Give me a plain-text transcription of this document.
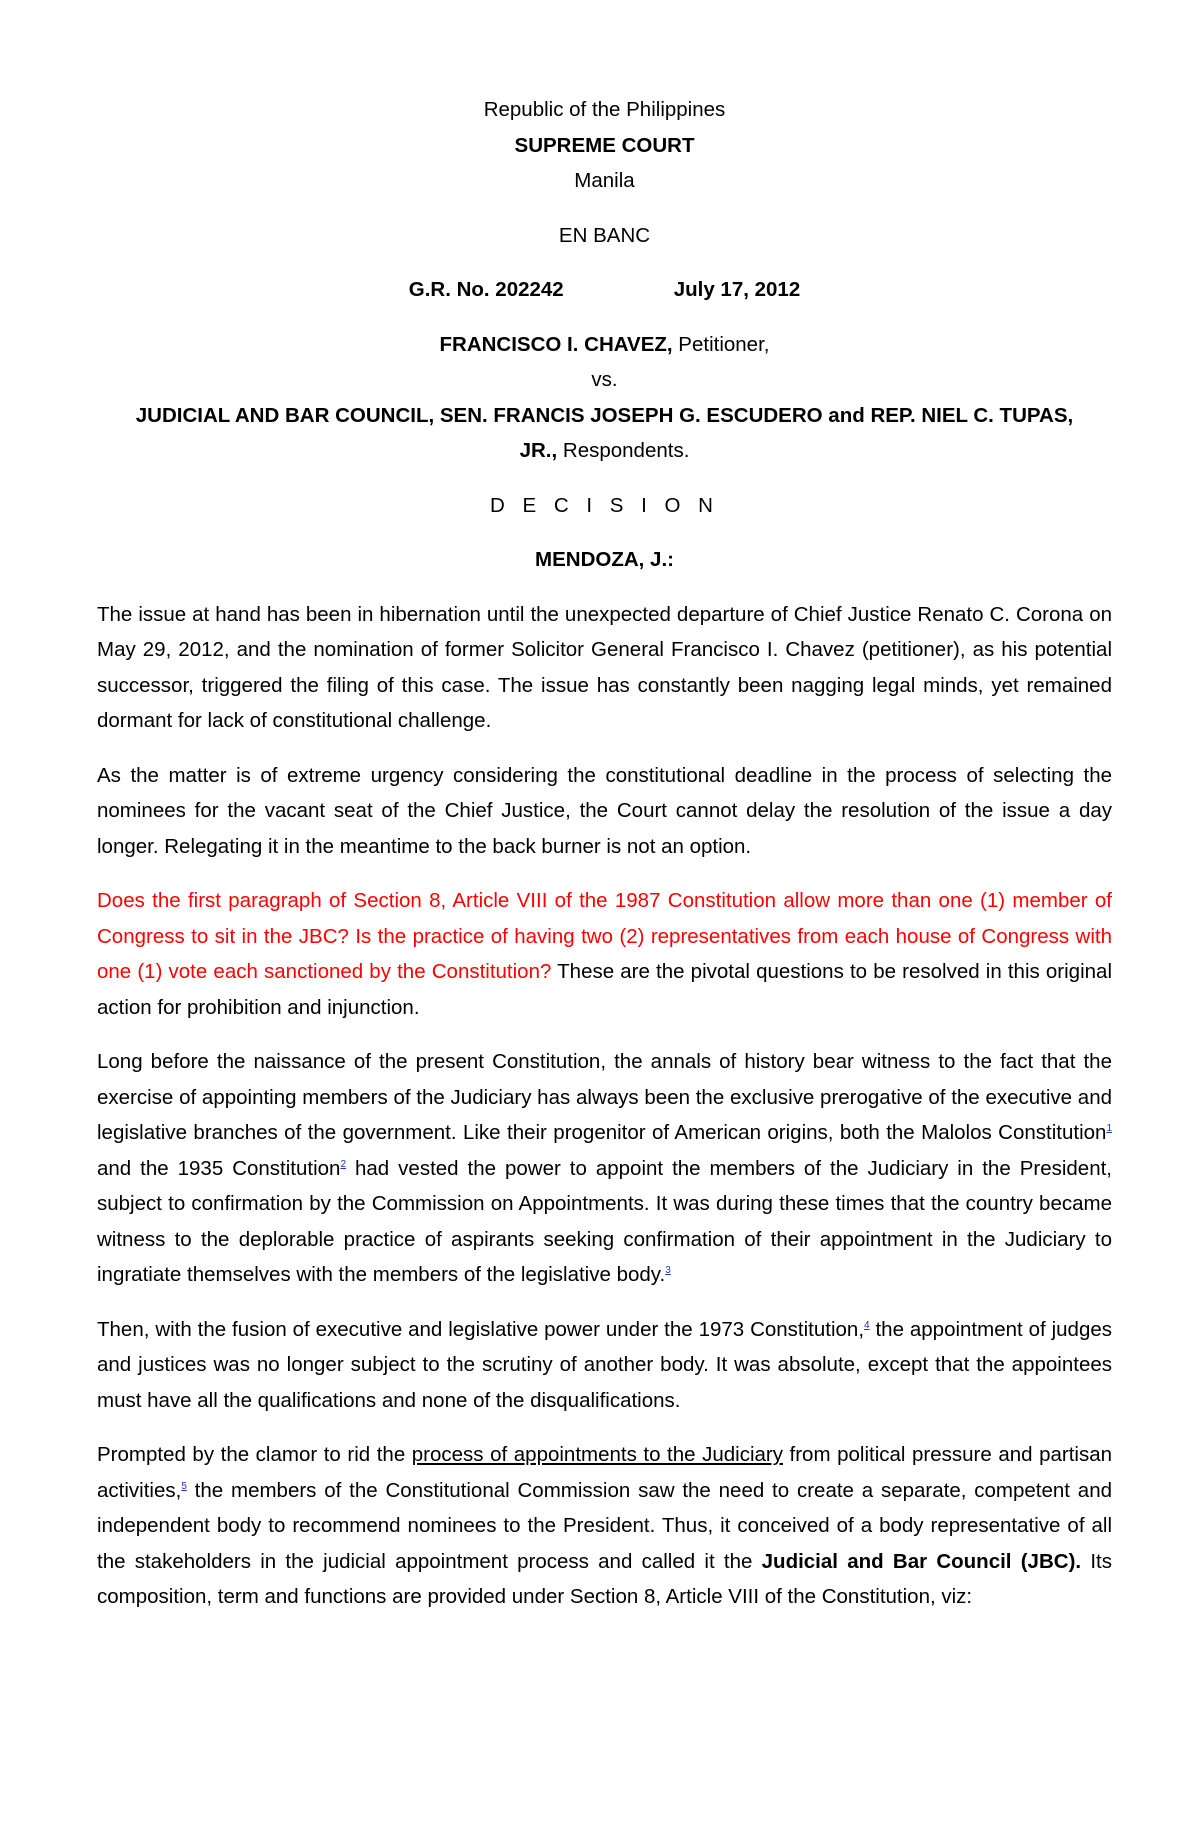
Republic of the Philippines

SUPREME COURT

Manila

EN BANC

G.R. No. 202242	July 17, 2012

FRANCISCO I. CHAVEZ, Petitioner,

vs.

JUDICIAL AND BAR COUNCIL, SEN. FRANCIS JOSEPH G. ESCUDERO and REP. NIEL C. TUPAS,

JR., Respondents.

D E C I S I O N

MENDOZA, J.:

The issue at hand has been in hibernation until the unexpected departure of Chief Justice Renato C. Corona on May 29, 2012, and the nomination of former Solicitor General Francisco I. Chavez (petitioner), as his potential successor, triggered the filing of this case. The issue has constantly been nagging legal minds, yet remained dormant for lack of constitutional challenge.

As the matter is of extreme urgency considering the constitutional deadline in the process of selecting the nominees for the vacant seat of the Chief Justice, the Court cannot delay the resolution of the issue a day longer. Relegating it in the meantime to the back burner is not an option.

Does the first paragraph of Section 8, Article VIII of the 1987 Constitution allow more than one (1) member of Congress to sit in the JBC? Is the practice of having two (2) representatives from each house of Congress with one (1) vote each sanctioned by the Constitution? These are the pivotal questions to be resolved in this original action for prohibition and injunction.

Long before the naissance of the present Constitution, the annals of history bear witness to the fact that the exercise of appointing members of the Judiciary has always been the exclusive prerogative of the executive and legislative branches of the government. Like their progenitor of American origins, both the Malolos Constitution$^1$ and the 1935 Constitution$^2$ had vested the power to appoint the members of the Judiciary in the President, subject to confirmation by the Commission on Appointments. It was during these times that the country became witness to the deplorable practice of aspirants seeking confirmation of their appointment in the Judiciary to ingratiate themselves with the members of the legislative body.$^3$

Then, with the fusion of executive and legislative power under the 1973 Constitution,$^4$ the appointment of judges and justices was no longer subject to the scrutiny of another body. It was absolute, except that the appointees must have all the qualifications and none of the disqualifications.

Prompted by the clamor to rid the process of appointments to the Judiciary from political pressure and partisan activities,$^5$ the members of the Constitutional Commission saw the need to create a separate, competent and independent body to recommend nominees to the President. Thus, it conceived of a body representative of all the stakeholders in the judicial appointment process and called it the Judicial and Bar Council (JBC). Its composition, term and functions are provided under Section 8, Article VIII of the Constitution, viz:
